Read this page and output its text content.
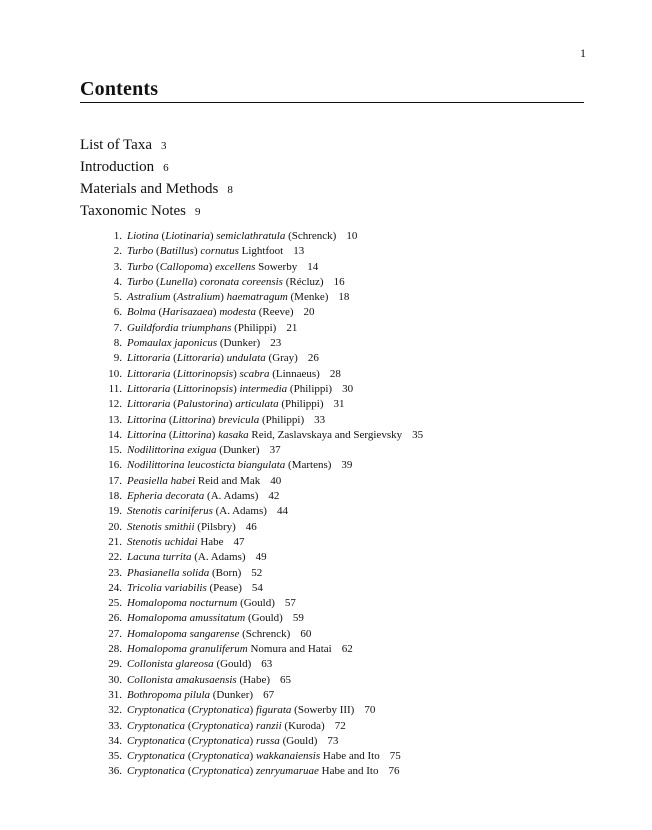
1
Contents
List of Taxa 3
Introduction 6
Materials and Methods 8
Taxonomic Notes 9
1. Liotina (Liotinaria) semiclathratula (Schrenck) 10
2. Turbo (Batillus) cornutus Lightfoot 13
3. Turbo (Callopoma) excellens Sowerby 14
4. Turbo (Lunella) coronata coreensis (Récluz) 16
5. Astralium (Astralium) haematragum (Menke) 18
6. Bolma (Harisazaea) modesta (Reeve) 20
7. Guildfordia triumphans (Philippi) 21
8. Pomaulax japonicus (Dunker) 23
9. Littoraria (Littoraria) undulata (Gray) 26
10. Littoraria (Littorinopsis) scabra (Linnaeus) 28
11. Littoraria (Littorinopsis) intermedia (Philippi) 30
12. Littoraria (Palustorina) articulata (Philippi) 31
13. Littorina (Littorina) brevicula (Philippi) 33
14. Littorina (Littorina) kasaka Reid, Zaslavskaya and Sergievsky 35
15. Nodilittorina exigua (Dunker) 37
16. Nodilittorina leucosticta biangulata (Martens) 39
17. Peasiella habei Reid and Mak 40
18. Epheria decorata (A. Adams) 42
19. Stenotis cariniferus (A. Adams) 44
20. Stenotis smithii (Pilsbry) 46
21. Stenotis uchidai Habe 47
22. Lacuna turrita (A. Adams) 49
23. Phasianella solida (Born) 52
24. Tricolia variabilis (Pease) 54
25. Homalopoma nocturnum (Gould) 57
26. Homalopoma amussitatum (Gould) 59
27. Homalopoma sangarense (Schrenck) 60
28. Homalopoma granuliferum Nomura and Hatai 62
29. Collonista glareosa (Gould) 63
30. Collonista amakusaensis (Habe) 65
31. Bothropoma pilula (Dunker) 67
32. Cryptonatica (Cryptonatica) figurata (Sowerby III) 70
33. Cryptonatica (Cryptonatica) ranzii (Kuroda) 72
34. Cryptonatica (Cryptonatica) russa (Gould) 73
35. Cryptonatica (Cryptonatica) wakkanaiensis Habe and Ito 75
36. Cryptonatica (Cryptonatica) zenryumaruae Habe and Ito 76
